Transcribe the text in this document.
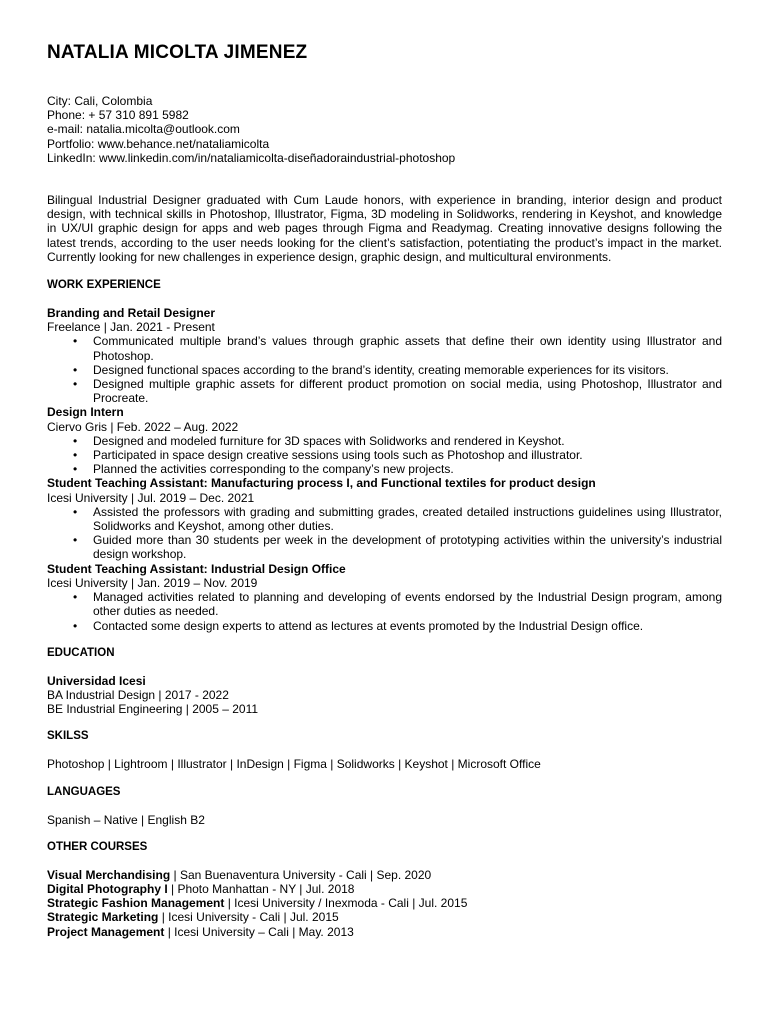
NATALIA MICOLTA JIMENEZ
City: Cali, Colombia
Phone: + 57 310 891 5982
e-mail: natalia.micolta@outlook.com
Portfolio: www.behance.net/nataliamicolta
LinkedIn: www.linkedin.com/in/nataliamicolta-diseñadoraindustrial-photoshop
Bilingual Industrial Designer graduated with Cum Laude honors, with experience in branding, interior design and product design, with technical skills in Photoshop, Illustrator, Figma, 3D modeling in Solidworks, rendering in Keyshot, and knowledge in UX/UI graphic design for apps and web pages through Figma and Readymag. Creating innovative designs following the latest trends, according to the user needs looking for the client’s satisfaction, potentiating the product’s impact in the market. Currently looking for new challenges in experience design, graphic design, and multicultural environments.
WORK EXPERIENCE
Branding and Retail Designer
Freelance | Jan. 2021 - Present
• Communicated multiple brand’s values through graphic assets that define their own identity using Illustrator and Photoshop.
• Designed functional spaces according to the brand’s identity, creating memorable experiences for its visitors.
• Designed multiple graphic assets for different product promotion on social media, using Photoshop, Illustrator and Procreate.
Design Intern
Ciervo Gris | Feb. 2022 – Aug. 2022
• Designed and modeled furniture for 3D spaces with Solidworks and rendered in Keyshot.
• Participated in space design creative sessions using tools such as Photoshop and illustrator.
• Planned the activities corresponding to the company’s new projects.
Student Teaching Assistant: Manufacturing process I, and Functional textiles for product design
Icesi University | Jul. 2019 – Dec. 2021
• Assisted the professors with grading and submitting grades, created detailed instructions guidelines using Illustrator, Solidworks and Keyshot, among other duties.
• Guided more than 30 students per week in the development of prototyping activities within the university’s industrial design workshop.
Student Teaching Assistant: Industrial Design Office
Icesi University | Jan. 2019 – Nov. 2019
• Managed activities related to planning and developing of events endorsed by the Industrial Design program, among other duties as needed.
• Contacted some design experts to attend as lectures at events promoted by the Industrial Design office.
EDUCATION
Universidad Icesi
BA Industrial Design | 2017 - 2022
BE Industrial Engineering | 2005 – 2011
SKILSS
Photoshop | Lightroom | Illustrator | InDesign | Figma | Solidworks | Keyshot | Microsoft Office
LANGUAGES
Spanish – Native | English B2
OTHER COURSES
Visual Merchandising | San Buenaventura University - Cali | Sep. 2020
Digital Photography I | Photo Manhattan - NY | Jul. 2018
Strategic Fashion Management | Icesi University / Inexmoda - Cali | Jul. 2015
Strategic Marketing | Icesi University - Cali | Jul. 2015
Project Management | Icesi University – Cali | May. 2013
